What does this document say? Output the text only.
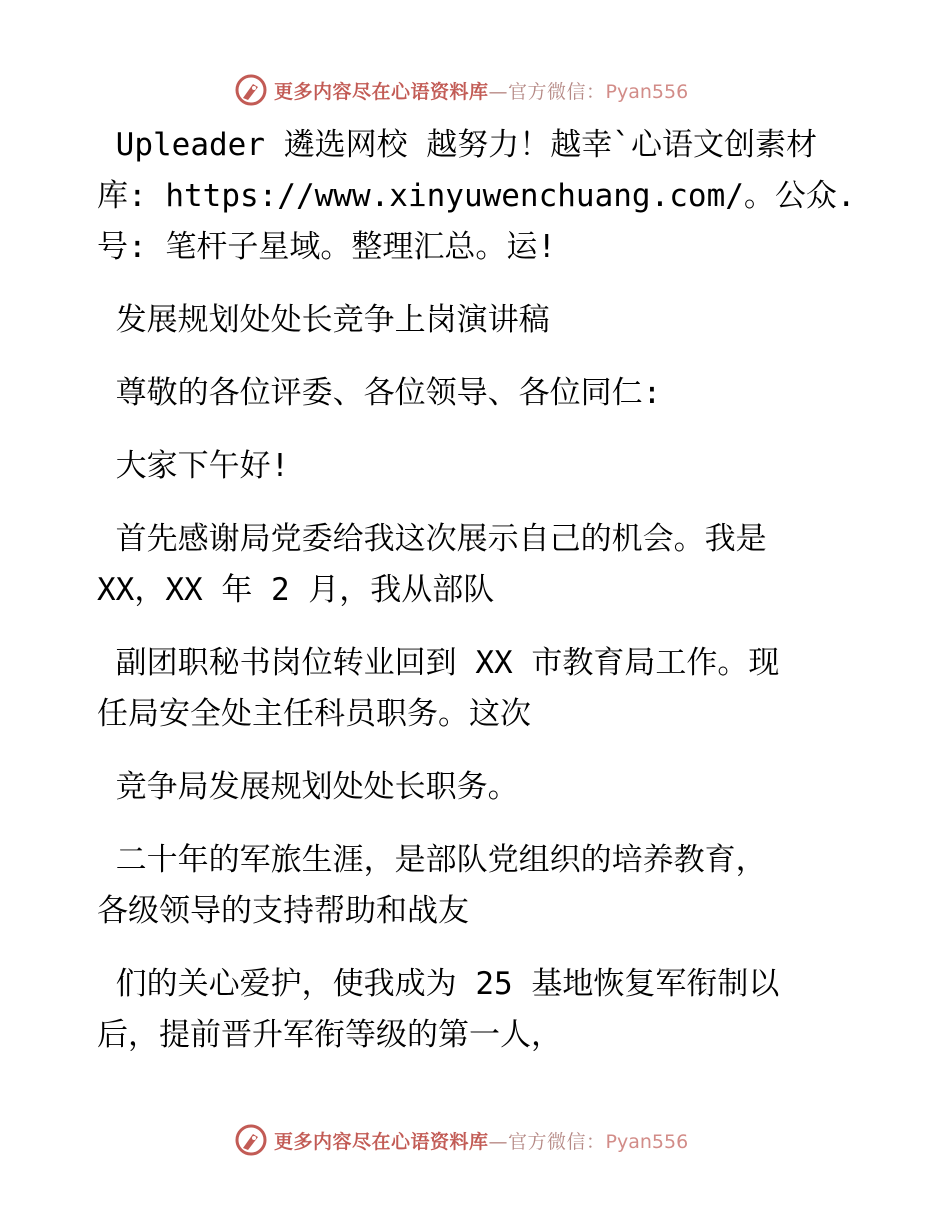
更多内容尽在心语资料库—官方微信：Pyan556

Upleader 遴选网校 越努力！越幸`心语文创素材
库: https://www.xinyuwenchuang.com/。公众.
号: 笔杆子星域。整理汇总。运!

发展规划处处长竞争上岗演讲稿

尊敬的各位评委、各位领导、各位同仁:

大家下午好!

首先感谢局党委给我这次展示自己的机会。我是
XX，XX 年 2 月，我从部队

副团职秘书岗位转业回到 XX 市教育局工作。现
任局安全处主任科员职务。这次

竞争局发展规划处处长职务。

二十年的军旅生涯，是部队党组织的培养教育，
各级领导的支持帮助和战友

们的关心爱护，使我成为 25 基地恢复军衔制以
后，提前晋升军衔等级的第一人，

更多内容尽在心语资料库—官方微信：Pyan556
